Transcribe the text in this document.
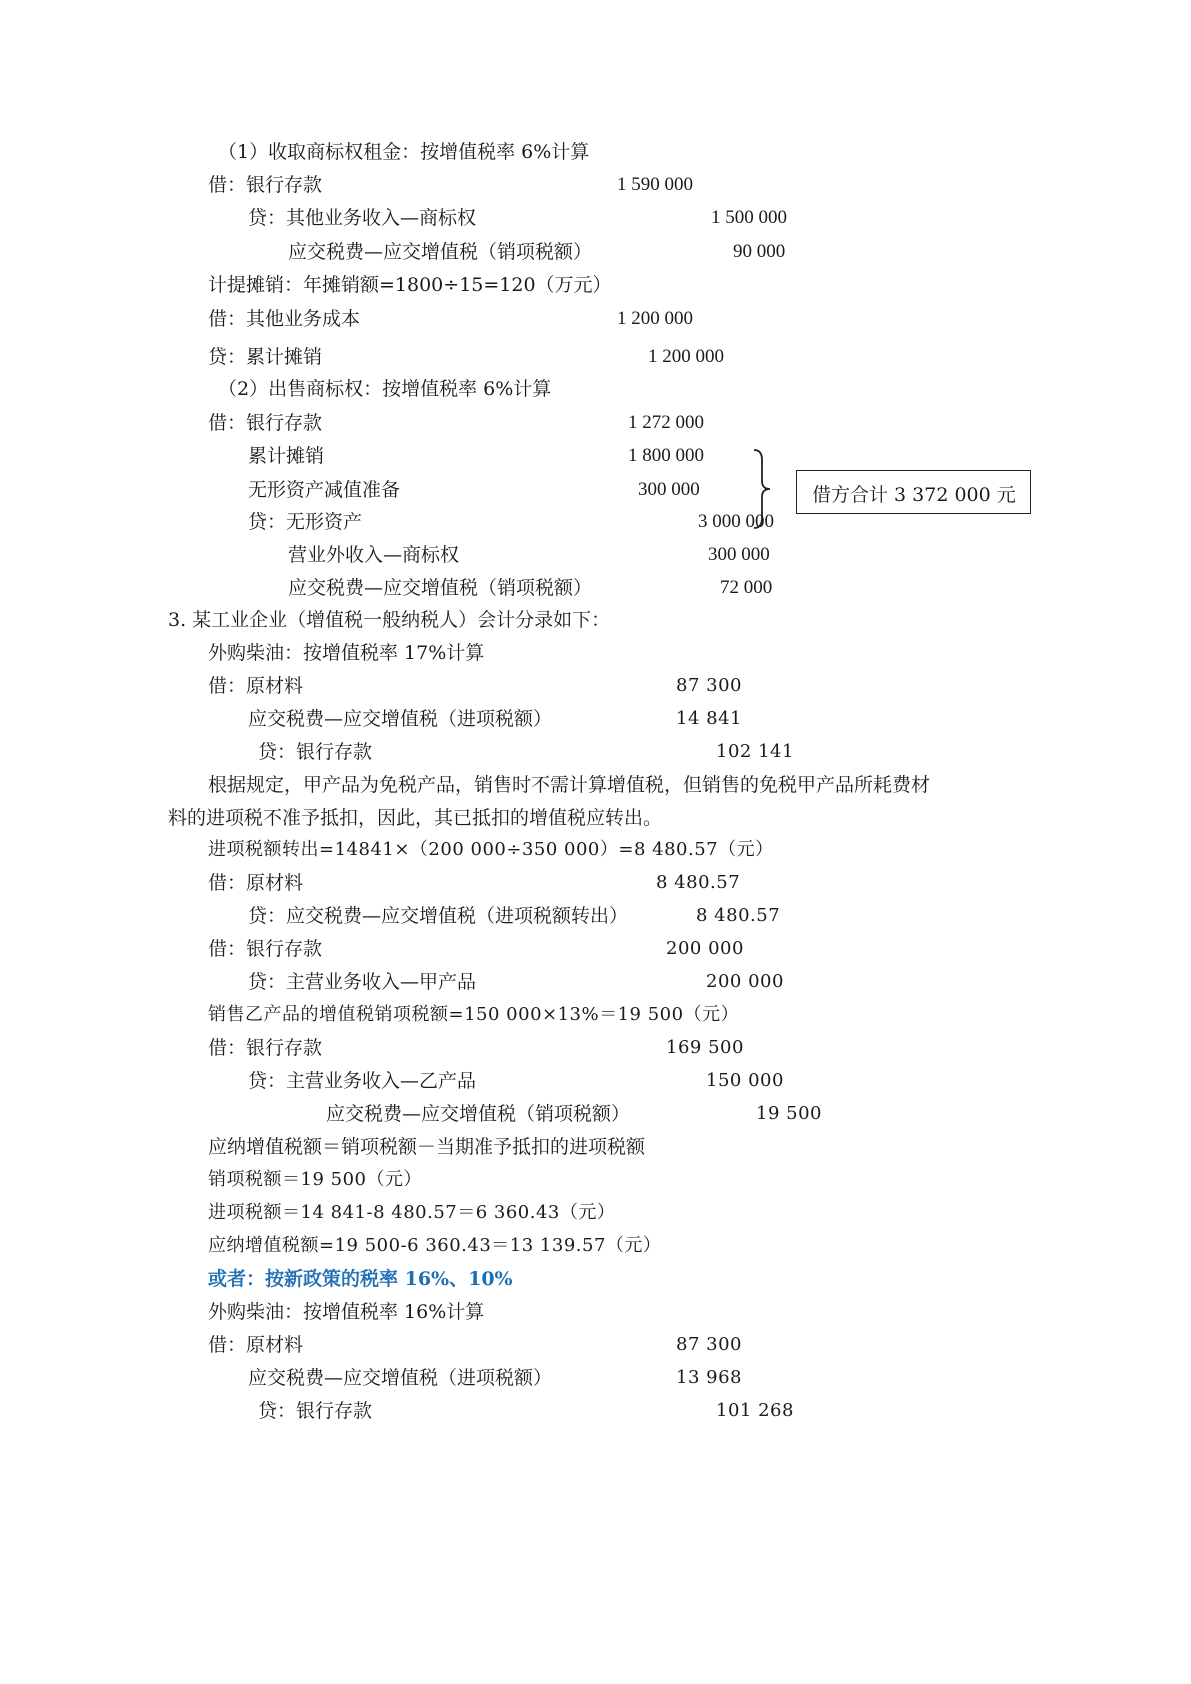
（1）收取商标权租金：按增值税率 6%计算
借：银行存款	1 590 000
贷：其他业务收入—商标权	1 500 000
应交税费—应交增值税（销项税额）	90 000
计提摊销：年摊销额=1800÷15=120（万元）
借：其他业务成本	1 200 000
贷：累计摊销	1 200 000
（2）出售商标权：按增值税率 6%计算
借：银行存款	1 272 000
累计摊销	1 800 000
无形资产减值准备	300 000	借方合计 3 372 000 元
贷：无形资产	3 000 000
营业外收入—商标权	300 000
应交税费—应交增值税（销项税额）	72 000
3. 某工业企业（增值税一般纳税人）会计分录如下：
外购柴油：按增值税率 17%计算
借：原材料	87 300
应交税费—应交增值税（进项税额）	14 841
贷：银行存款	102 141
根据规定，甲产品为免税产品，销售时不需计算增值税，但销售的免税甲产品所耗费材
料的进项税不准予抵扣，因此，其已抵扣的增值税应转出。
进项税额转出=14841×（200 000÷350 000）=8 480.57（元）
借：原材料	8 480.57
贷：应交税费—应交增值税（进项税额转出）	8 480.57
借：银行存款	200 000
贷：主营业务收入—甲产品	200 000
销售乙产品的增值税销项税额=150 000×13%＝19 500（元）
借：银行存款	169 500
贷：主营业务收入—乙产品	150 000
应交税费—应交增值税（销项税额）	19 500
应纳增值税额＝销项税额－当期准予抵扣的进项税额
销项税额＝19 500（元）
进项税额＝14 841-8 480.57＝6 360.43（元）
应纳增值税额=19 500-6 360.43＝13 139.57（元）
或者：按新政策的税率 16%、10%
外购柴油：按增值税率 16%计算
借：原材料	87 300
应交税费—应交增值税（进项税额）	13 968
贷：银行存款	101 268
